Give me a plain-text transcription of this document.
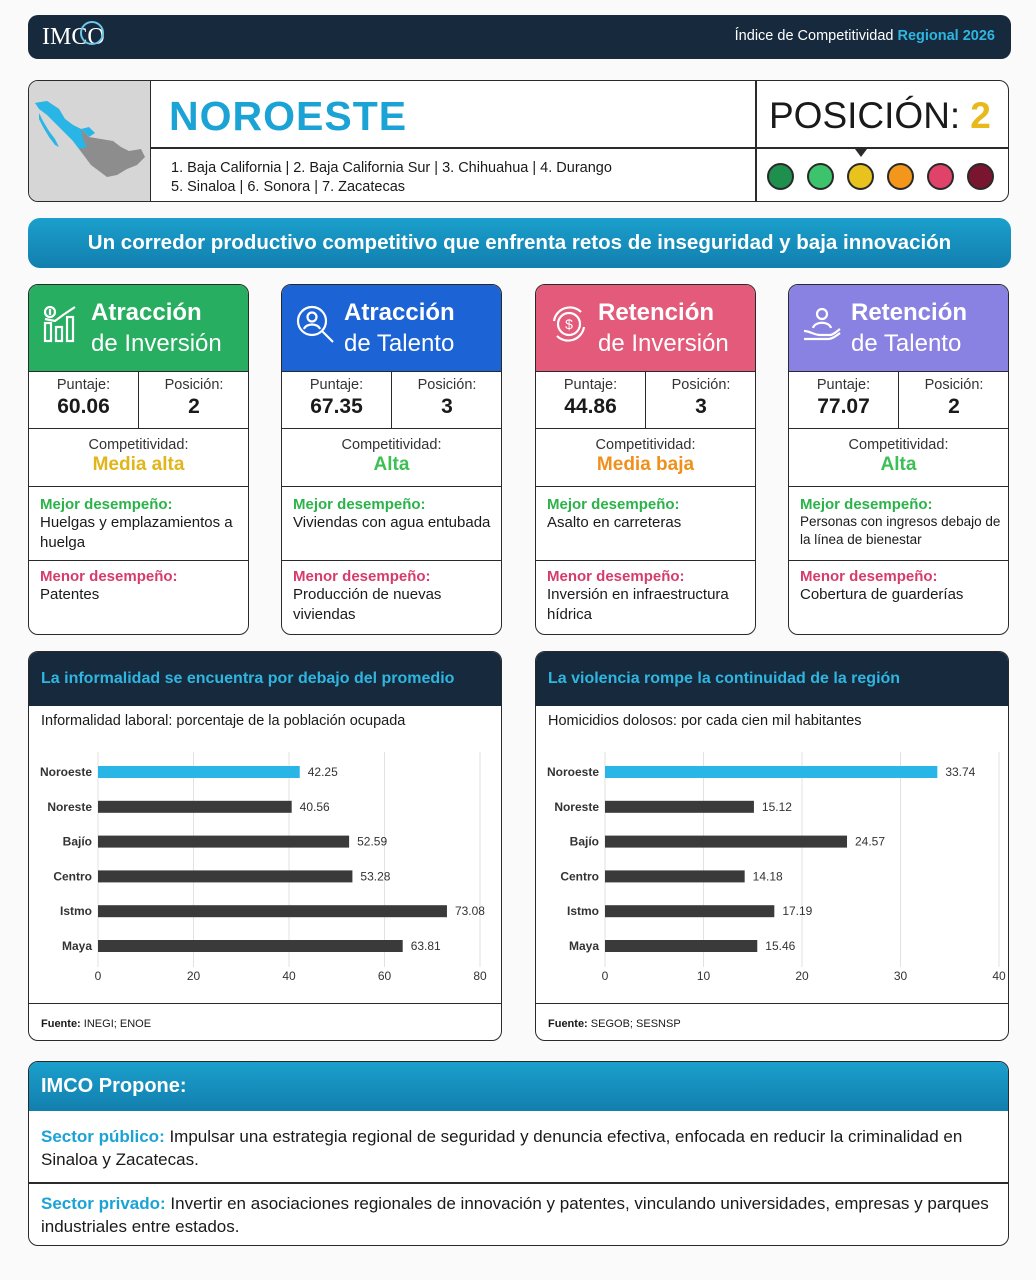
IMCO	Índice de Competitividad Regional 2026
NOROESTE
1. Baja California | 2. Baja California Sur | 3. Chihuahua | 4. Durango
5. Sinaloa | 6. Sonora | 7. Zacatecas
POSICIÓN: 2
Un corredor productivo competitivo que enfrenta retos de inseguridad y baja innovación
Atracción
de Inversión
Puntaje:
60.06
Posición:
2
Competitividad:
Media alta
Mejor desempeño:
Huelgas y emplazamientos a huelga
Menor desempeño:
Patentes
Atracción
de Talento
Puntaje:
67.35
Posición:
3
Competitividad:
Alta
Mejor desempeño:
Viviendas con agua entubada
Menor desempeño:
Producción de nuevas viviendas
$ Retención
de Inversión
Puntaje:
44.86
Posición:
3
Competitividad:
Media baja
Mejor desempeño:
Asalto en carreteras
Menor desempeño:
Inversión en infraestructura hídrica
Retención
de Talento
Puntaje:
77.07
Posición:
2
Competitividad:
Alta
Mejor desempeño:
Personas con ingresos debajo de la línea de bienestar
Menor desempeño:
Cobertura de guarderías
La informalidad se encuentra por debajo del promedio
Informalidad laboral: porcentaje de la población ocupada
Fuente: INEGI; ENOE
0	20	40	60	80
Noroeste	42.25
Noreste	40.56
Bajío	52.59
Centro	53.28
Istmo	73.08
Maya	63.81
La violencia rompe la continuidad de la región
Homicidios dolosos: por cada cien mil habitantes
Fuente: SEGOB; SESNSP
0	10	20	30	40
Noroeste	33.74
Noreste	15.12
Bajío	24.57
Centro	14.18
Istmo	17.19
Maya	15.46
IMCO Propone:
Sector público: Impulsar una estrategia regional de seguridad y denuncia efectiva, enfocada en reducir la criminalidad en Sinaloa y Zacatecas.
Sector privado: Invertir en asociaciones regionales de innovación y patentes, vinculando universidades, empresas y parques industriales entre estados.
